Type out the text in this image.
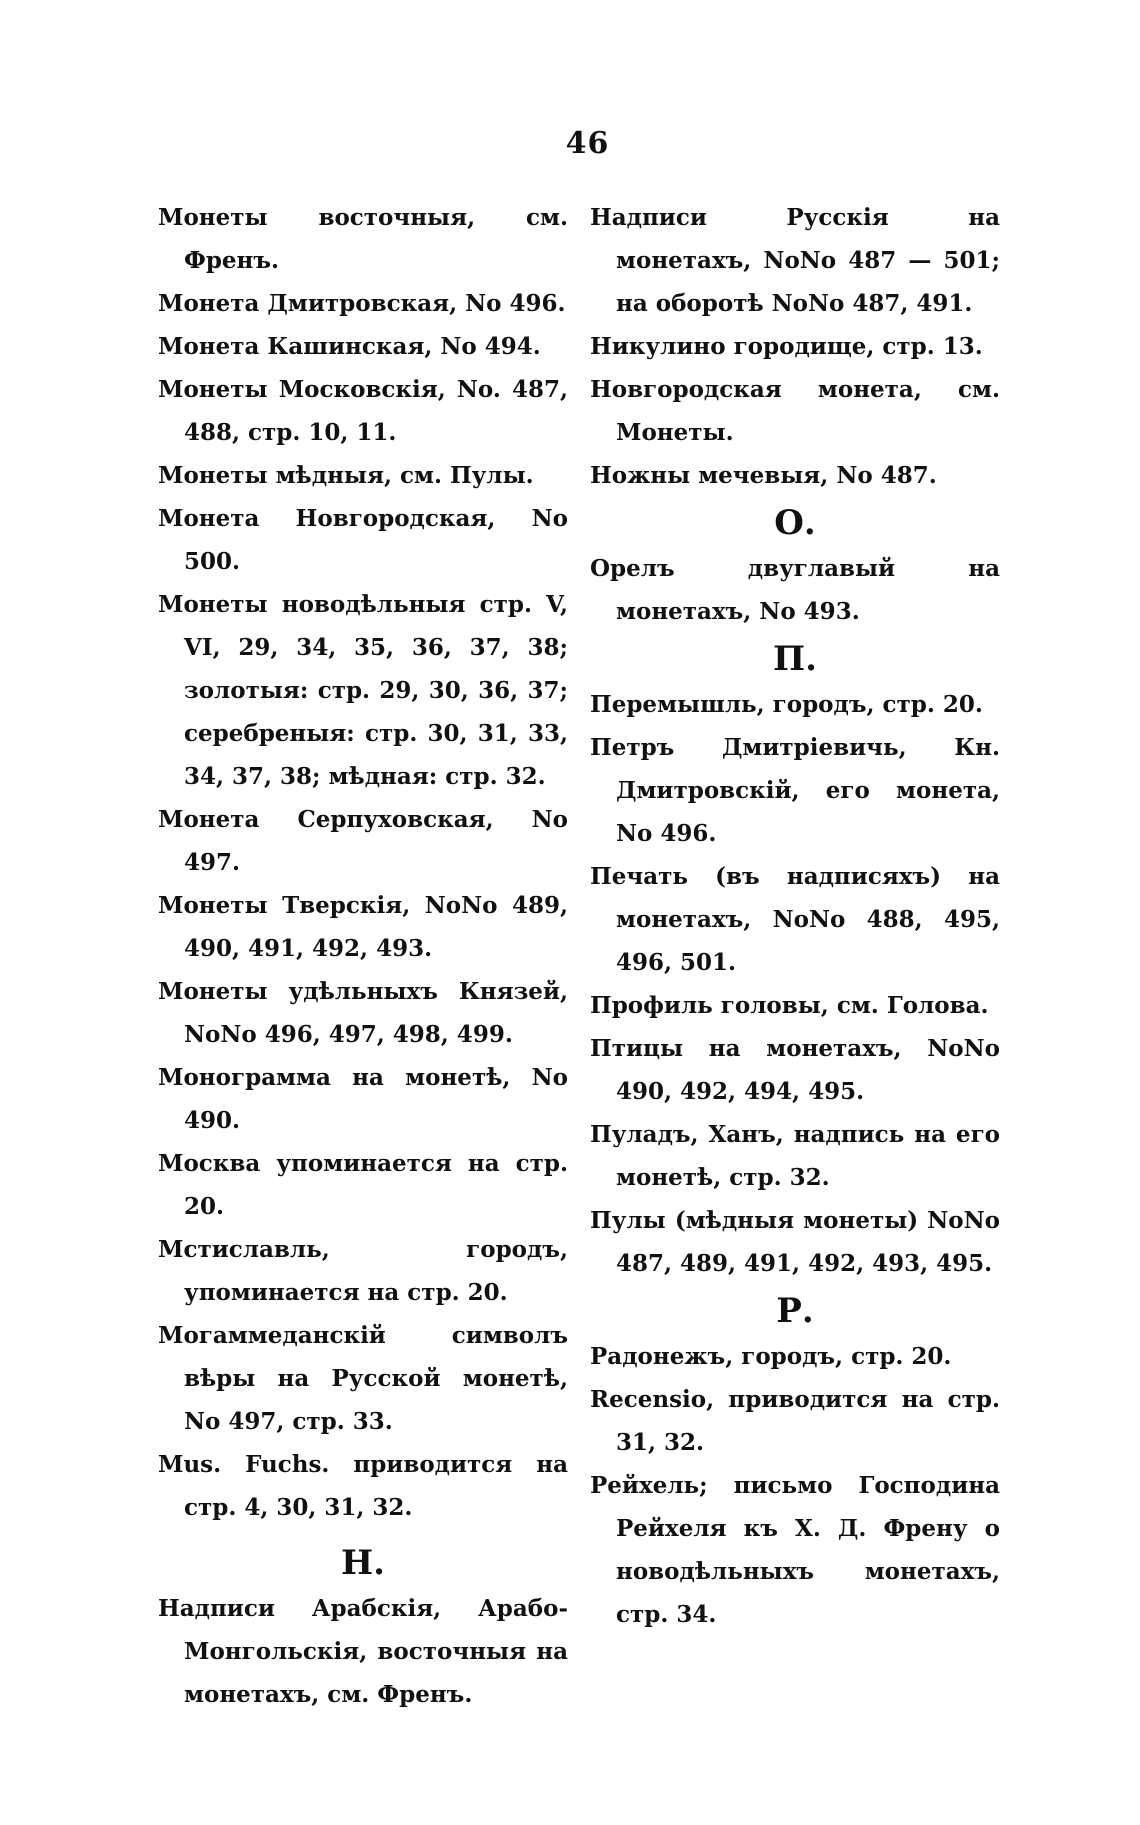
46

Монеты восточныя, см. Френъ.

Монета Дмитровская, No 496.

Монета Кашинская, No 494.

Монеты Московскія, No. 487, 488, стр. 10, 11.

Монеты мѣдныя, см. Пулы.

Монета Новгородская, No 500.

Монеты новодѣльныя стр. V, VI, 29, 34, 35, 36, 37, 38; золотыя: стр. 29, 30, 36, 37; серебреныя: стр. 30, 31, 33, 34, 37, 38; мѣдная: стр. 32.

Монета Серпуховская, No 497.

Монеты Тверскія, NoNo 489, 490, 491, 492, 493.

Монеты удѣльныхъ Князей, NoNo 496, 497, 498, 499.

Монограмма на монетѣ, No 490.

Москва упоминается на стр. 20.

Мстиславль, городъ, упоминается на стр. 20.

Могаммеданскій символъ вѣры на Русской монетѣ, No 497, стр. 33.

Mus. Fuchs. приводится на стр. 4, 30, 31, 32.

Н.

Надписи Арабскія, Арабо-Монгольскія, восточныя на монетахъ, см. Френъ.

Надписи Русскія на монетахъ, NoNo 487 — 501; на оборотѣ NoNo 487, 491.

Никулино городище, стр. 13.

Новгородская монета, см. Монеты.

Ножны мечевыя, No 487.

О.

Орелъ двуглавый на монетахъ, No 493.

П.

Перемышль, городъ, стр. 20.

Петръ Дмитріевичь, Кн. Дмитровскій, его монета, No 496.

Печать (въ надписяхъ) на монетахъ, NoNo 488, 495, 496, 501.

Профиль головы, см. Голова.

Птицы на монетахъ, NoNo 490, 492, 494, 495.

Пуладъ, Ханъ, надпись на его монетѣ, стр. 32.

Пулы (мѣдныя монеты) NoNo 487, 489, 491, 492, 493, 495.

Р.

Радонежъ, городъ, стр. 20.

Recensio, приводится на стр. 31, 32.

Рейхель; письмо Господина Рейхеля къ Х. Д. Френу о новодѣльныхъ монетахъ, стр. 34.
